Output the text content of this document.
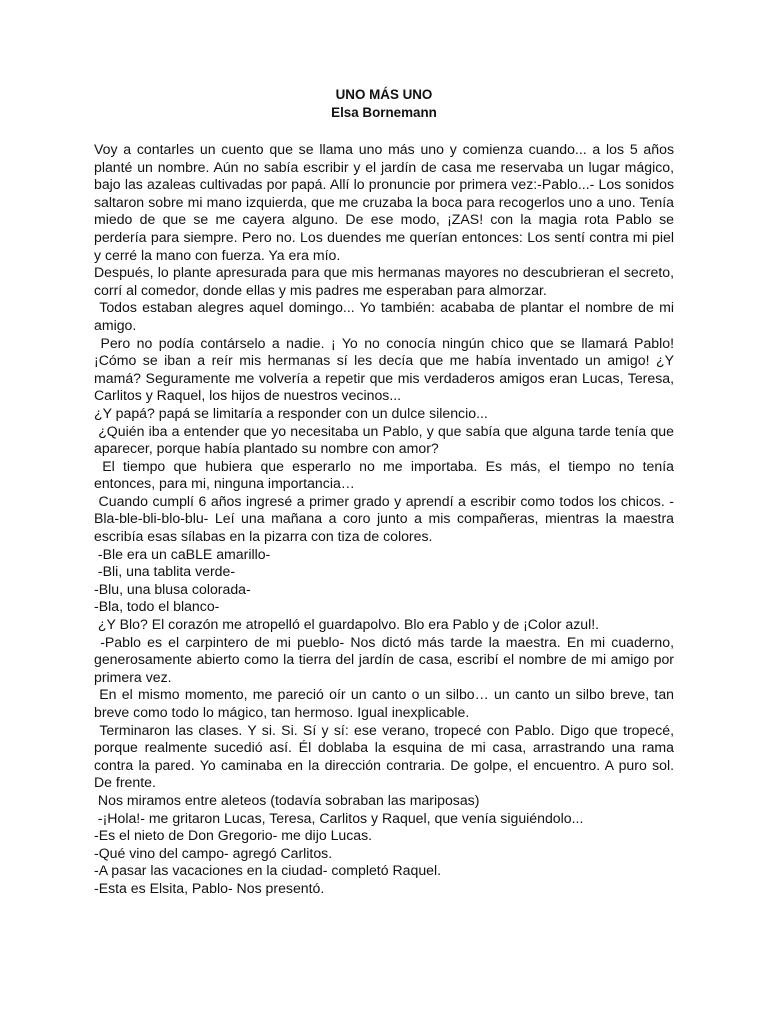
UNO MÁS UNO
Elsa Bornemann

Voy a contarles un cuento que se llama uno más uno y comienza cuando... a los 5 años planté un nombre. Aún no sabía escribir y el jardín de casa me reservaba un lugar mágico, bajo las azaleas cultivadas por papá. Allí lo pronuncie por primera vez:-Pablo...- Los sonidos saltaron sobre mi mano izquierda, que me cruzaba la boca para recogerlos uno a uno. Tenía miedo de que se me cayera alguno. De ese modo, ¡ZAS! con la magia rota Pablo se perdería para siempre. Pero no. Los duendes me querían entonces: Los sentí contra mi piel y cerré la mano con fuerza. Ya era mío.

Después, lo plante apresurada para que mis hermanas mayores no descubrieran el secreto, corrí al comedor, donde ellas y mis padres me esperaban para almorzar.

Todos estaban alegres aquel domingo... Yo también: acababa de plantar el nombre de mi amigo.

Pero no podía contárselo a nadie. ¡ Yo no conocía ningún chico que se llamará Pablo! ¡Cómo se iban a reír mis hermanas sí les decía que me había inventado un amigo! ¿Y mamá? Seguramente me volvería a repetir que mis verdaderos amigos eran Lucas, Teresa, Carlitos y Raquel, los hijos de nuestros vecinos...

¿Y papá? papá se limitaría a responder con un dulce silencio...

¿Quién iba a entender que yo necesitaba un Pablo, y que sabía que alguna tarde tenía que aparecer, porque había plantado su nombre con amor?

El tiempo que hubiera que esperarlo no me importaba. Es más, el tiempo no tenía entonces, para mi, ninguna importancia…

Cuando cumplí 6 años ingresé a primer grado y aprendí a escribir como todos los chicos. -Bla-ble-bli-blo-blu- Leí una mañana a coro junto a mis compañeras, mientras la maestra escribía esas sílabas en la pizarra con tiza de colores.

-Ble era un caBLE amarillo-

-Bli, una tablita verde-

-Blu, una blusa colorada-

-Bla, todo el blanco-

¿Y Blo? El corazón me atropelló el guardapolvo. Blo era Pablo y de ¡Color azul!.

-Pablo es el carpintero de mi pueblo- Nos dictó más tarde la maestra. En mi cuaderno, generosamente abierto como la tierra del jardín de casa, escribí el nombre de mi amigo por primera vez.

En el mismo momento, me pareció oír un canto o un silbo… un canto un silbo breve, tan breve como todo lo mágico, tan hermoso. Igual inexplicable.

Terminaron las clases. Y si. Si. Sí y sí: ese verano, tropecé con Pablo. Digo que tropecé, porque realmente sucedió así. Él doblaba la esquina de mi casa, arrastrando una rama contra la pared. Yo caminaba en la dirección contraria. De golpe, el encuentro. A puro sol. De frente.

Nos miramos entre aleteos (todavía sobraban las mariposas)

-¡Hola!- me gritaron Lucas, Teresa, Carlitos y Raquel, que venía siguiéndolo...

-Es el nieto de Don Gregorio- me dijo Lucas.

-Qué vino del campo- agregó Carlitos.

-A pasar las vacaciones en la ciudad- completó Raquel.

-Esta es Elsita, Pablo- Nos presentó.
